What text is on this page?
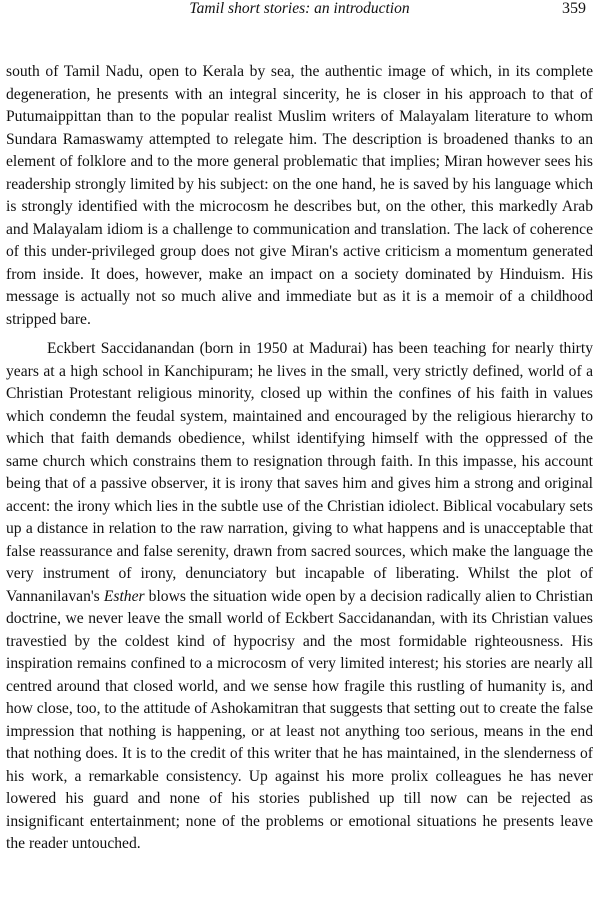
Tamil short stories: an introduction	359

south of Tamil Nadu, open to Kerala by sea, the authentic image of which, in its complete degeneration, he presents with an integral sincerity, he is closer in his approach to that of Putumaippittan than to the popular realist Muslim writers of Malayalam literature to whom Sundara Ramaswamy attempted to relegate him. The description is broadened thanks to an element of folklore and to the more general problematic that implies; Miran however sees his readership strongly limited by his subject: on the one hand, he is saved by his language which is strongly identified with the microcosm he describes but, on the other, this markedly Arab and Malayalam idiom is a challenge to communication and translation. The lack of coherence of this under-privileged group does not give Miran's active criticism a momentum generated from inside. It does, however, make an impact on a society dominated by Hinduism. His message is actually not so much alive and immediate but as it is a memoir of a childhood stripped bare.

Eckbert Saccidanandan (born in 1950 at Madurai) has been teaching for nearly thirty years at a high school in Kanchipuram; he lives in the small, very strictly defined, world of a Christian Protestant religious minority, closed up within the confines of his faith in values which condemn the feudal system, maintained and encouraged by the religious hierarchy to which that faith demands obedience, whilst identifying himself with the oppressed of the same church which constrains them to resignation through faith. In this impasse, his account being that of a passive observer, it is irony that saves him and gives him a strong and original accent: the irony which lies in the subtle use of the Christian idiolect. Biblical vocabulary sets up a distance in relation to the raw narration, giving to what happens and is unacceptable that false reassurance and false serenity, drawn from sacred sources, which make the language the very instrument of irony, denunciatory but incapable of liberating. Whilst the plot of Vannanilavan's Esther blows the situation wide open by a decision radically alien to Christian doctrine, we never leave the small world of Eckbert Saccidanandan, with its Christian values travestied by the coldest kind of hypocrisy and the most formidable righteousness. His inspiration remains confined to a microcosm of very limited interest; his stories are nearly all centred around that closed world, and we sense how fragile this rustling of humanity is, and how close, too, to the attitude of Ashokamitran that suggests that setting out to create the false impression that nothing is happening, or at least not anything too serious, means in the end that nothing does. It is to the credit of this writer that he has maintained, in the slenderness of his work, a remarkable consistency. Up against his more prolix colleagues he has never lowered his guard and none of his stories published up till now can be rejected as insignificant entertainment; none of the problems or emotional situations he presents leave the reader untouched.
